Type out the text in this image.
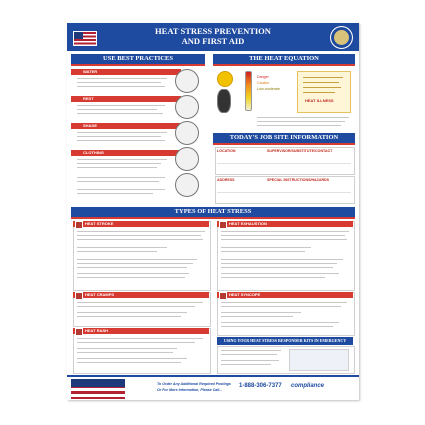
HEAT STRESS PREVENTION
AND FIRST AID
USE BEST PRACTICES
WATER
REST
SHADE
CLOTHING
THE HEAT EQUATION
Danger
Caution
Low-moderate
HEAT ILLNESS
TODAY'S JOB SITE INFORMATION
LOCATION	SUPERVISOR/SUBSTITUTE/CONTACT
ADDRESS	SPECIAL INSTRUCTIONS/HAZARDS
TYPES OF HEAT STRESS
HEAT STROKE	HEAT EXHAUSTION
HEAT CRAMPS	HEAT SYNCOPE
HEAT RASH
USING YOUR HEAT STRESS RESPONDER KITS IN EMERGENCY
To Order Any Additional Required Postings
Or For More Information, Please Call...
1-888-306-7377 compliance
